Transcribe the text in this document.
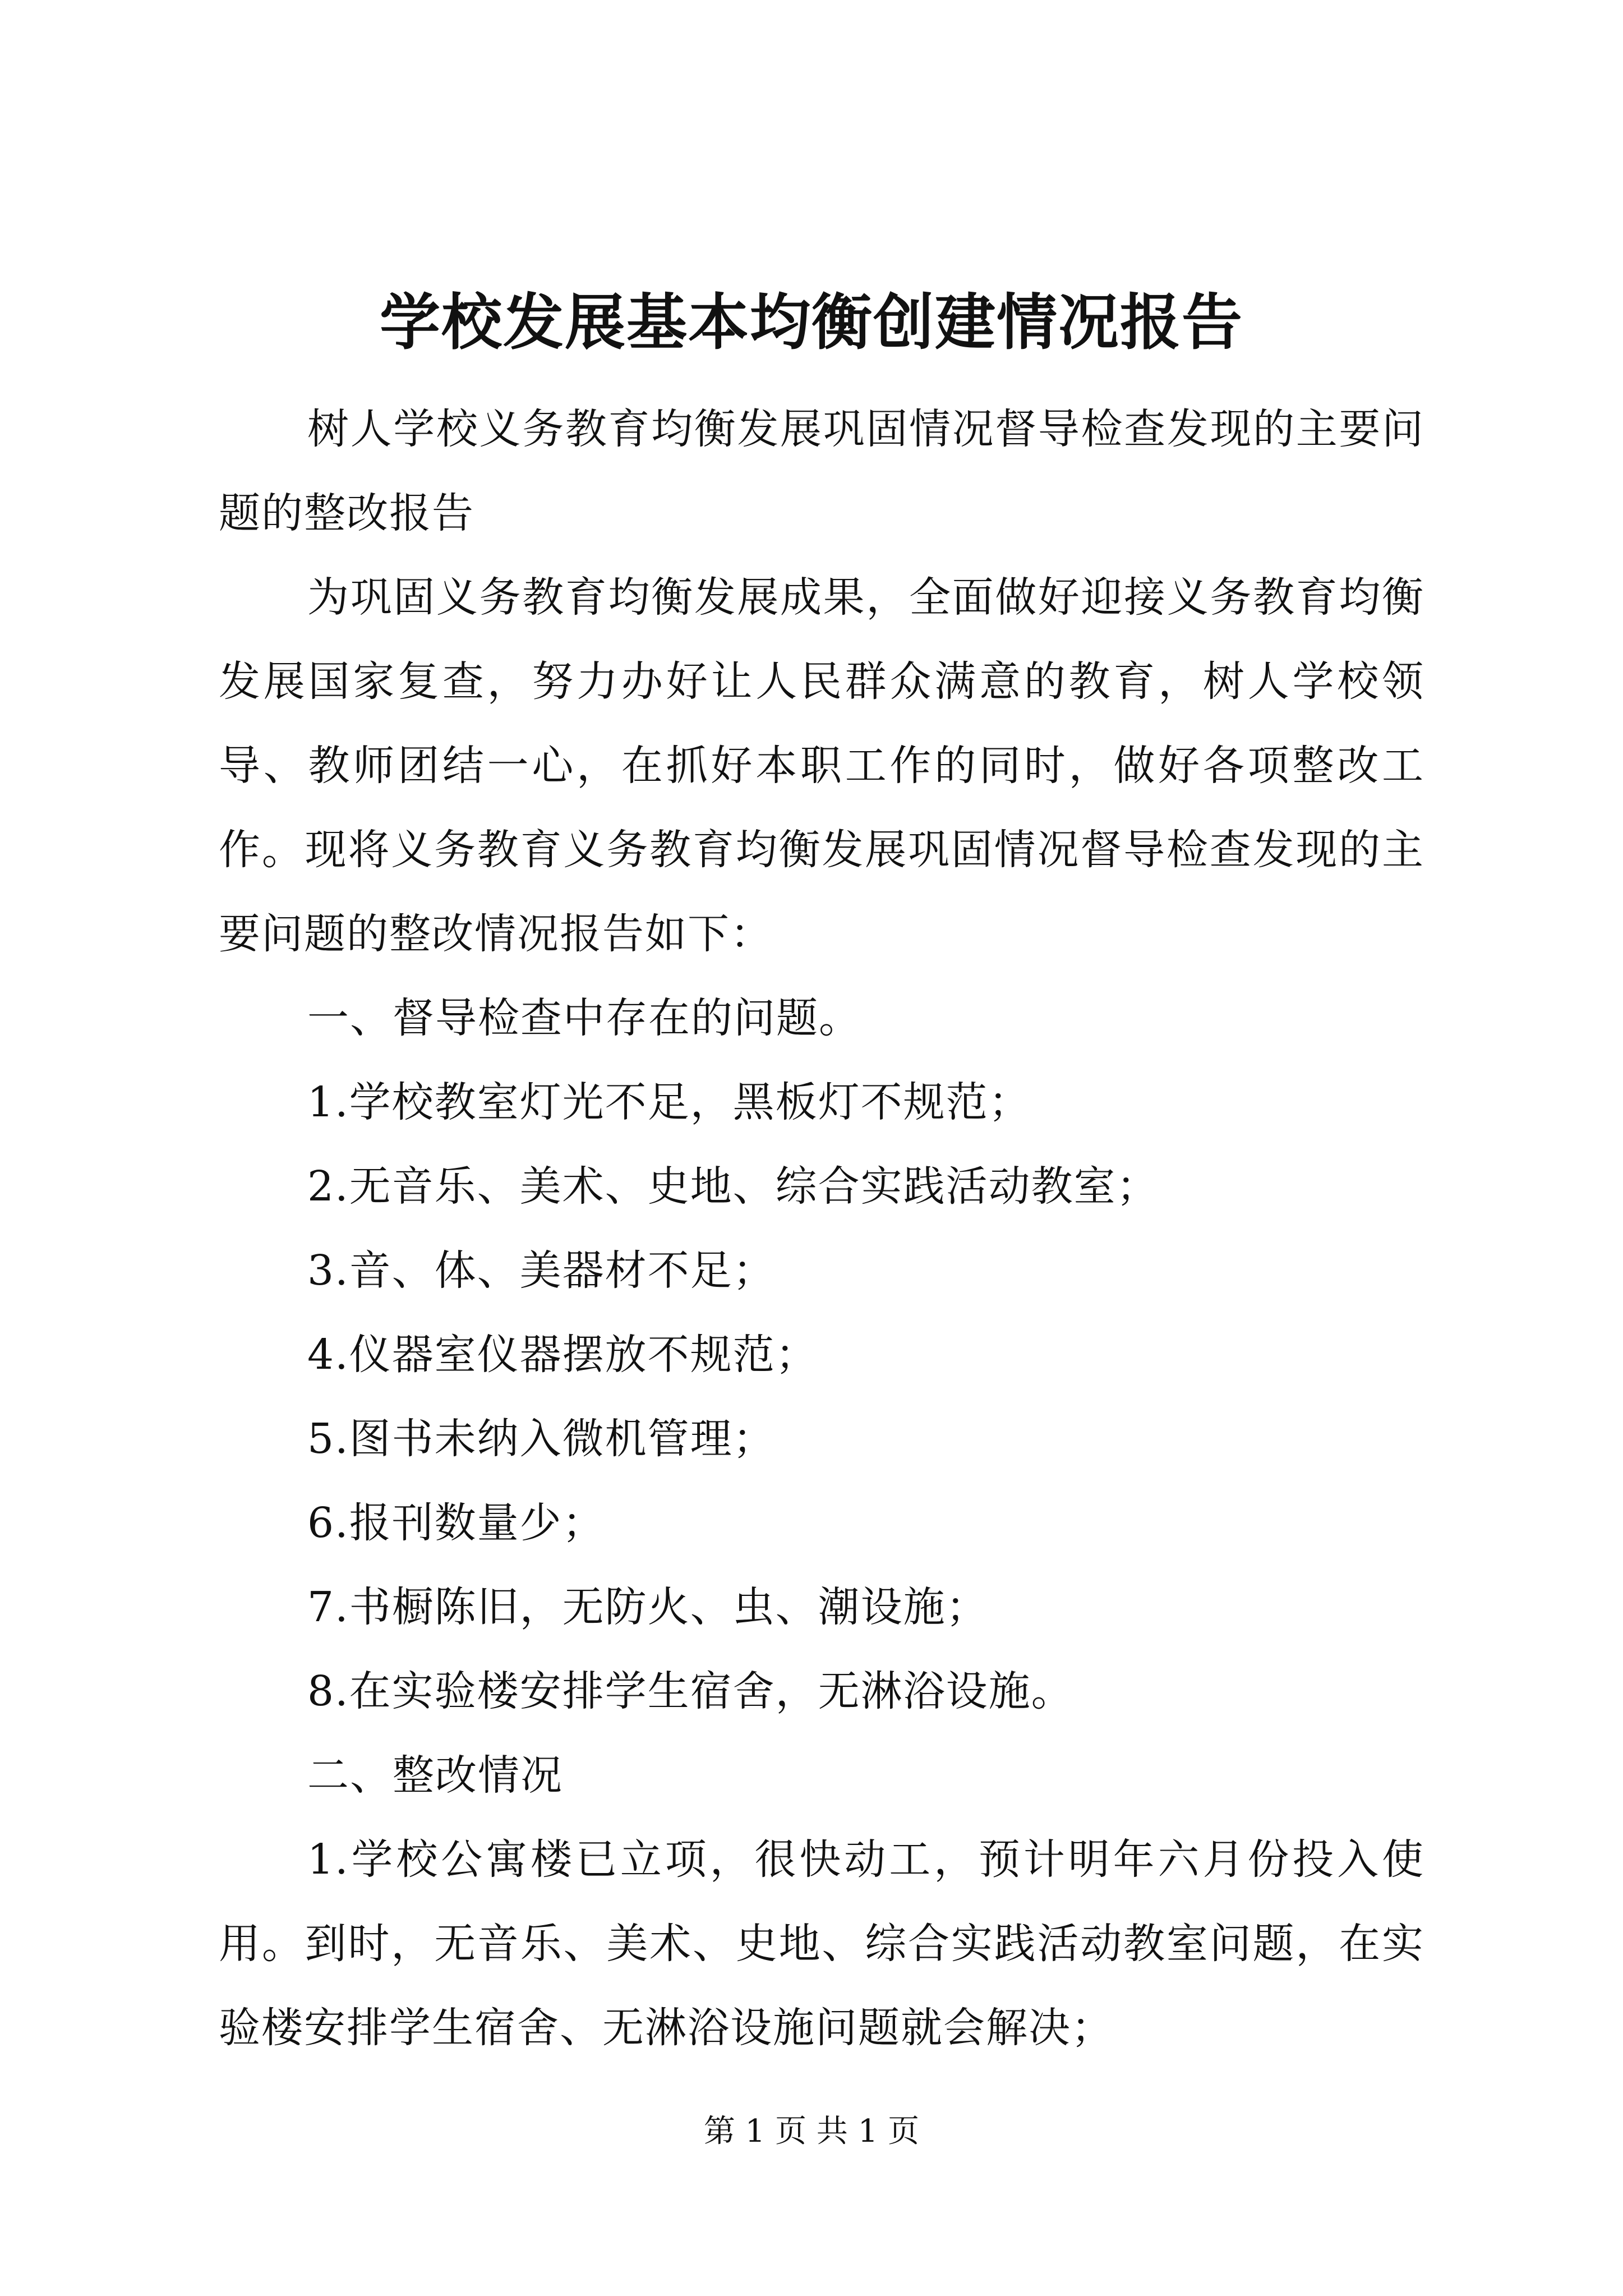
学校发展基本均衡创建情况报告

树人学校义务教育均衡发展巩固情况督导检查发现的主要问题的整改报告

为巩固义务教育均衡发展成果，全面做好迎接义务教育均衡发展国家复查，努力办好让人民群众满意的教育，树人学校领导、教师团结一心，在抓好本职工作的同时，做好各项整改工作。现将义务教育义务教育均衡发展巩固情况督导检查发现的主要问题的整改情况报告如下：

一、督导检查中存在的问题。

1.学校教室灯光不足，黑板灯不规范；

2.无音乐、美术、史地、综合实践活动教室；

3.音、体、美器材不足；

4.仪器室仪器摆放不规范；

5.图书未纳入微机管理；

6.报刊数量少；

7.书橱陈旧，无防火、虫、潮设施；

8.在实验楼安排学生宿舍，无淋浴设施。

二、整改情况

1.学校公寓楼已立项，很快动工，预计明年六月份投入使用。到时，无音乐、美术、史地、综合实践活动教室问题，在实验楼安排学生宿舍、无淋浴设施问题就会解决；

第 1 页 共 1 页
